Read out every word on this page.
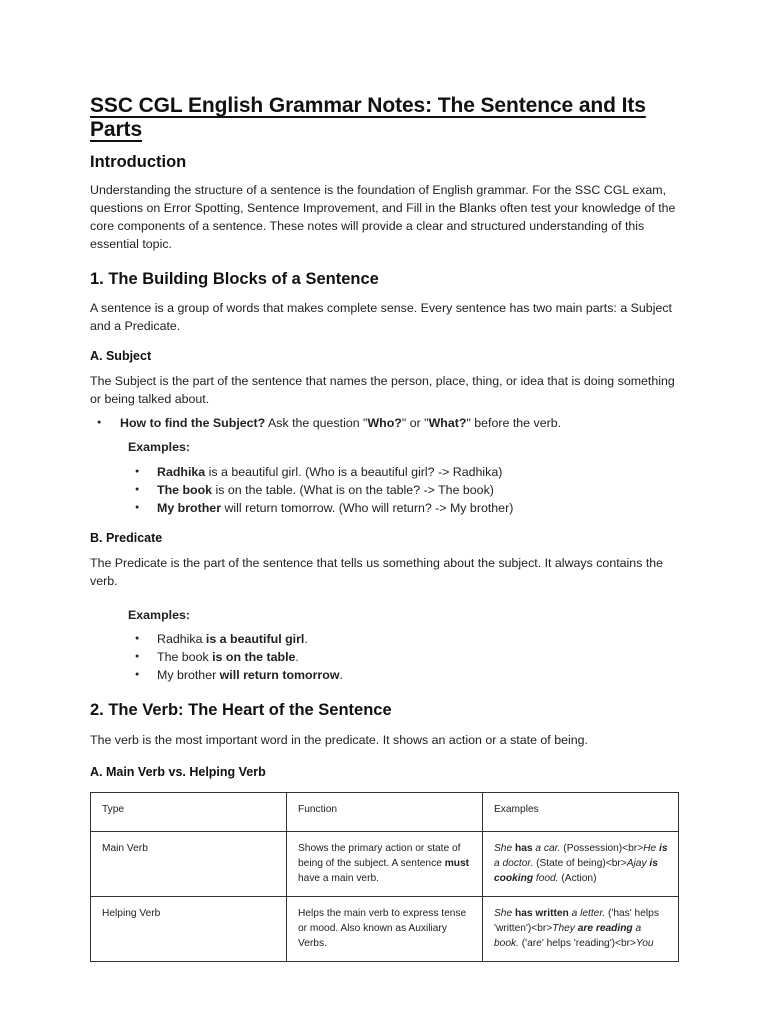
SSC CGL English Grammar Notes: The Sentence and Its Parts
Introduction

Understanding the structure of a sentence is the foundation of English grammar. For the SSC CGL exam, questions on Error Spotting, Sentence Improvement, and Fill in the Blanks often test your knowledge of the core components of a sentence. These notes will provide a clear and structured understanding of this essential topic.

1. The Building Blocks of a Sentence

A sentence is a group of words that makes complete sense. Every sentence has two main parts: a Subject and a Predicate.

A. Subject

The Subject is the part of the sentence that names the person, place, thing, or idea that is doing something or being talked about.

● How to find the Subject? Ask the question "Who?" or "What?" before the verb.
Examples:
● Radhika is a beautiful girl. (Who is a beautiful girl? -> Radhika)
● The book is on the table. (What is on the table? -> The book)
● My brother will return tomorrow. (Who will return? -> My brother)
B. Predicate

The Predicate is the part of the sentence that tells us something about the subject. It always contains the verb.

Examples:
● Radhika is a beautiful girl.
● The book is on the table.
● My brother will return tomorrow.
2. The Verb: The Heart of the Sentence

The verb is the most important word in the predicate. It shows an action or a state of being.

A. Main Verb vs. Helping Verb
Type	Function	Examples
Main Verb	Shows the primary action or state of being of the subject. A sentence must have a main verb.	She has a car. (Possession)<br>He is a doctor. (State of being)<br>Ajay is cooking food. (Action)
Helping Verb	Helps the main verb to express tense or mood. Also known as Auxiliary Verbs.	She has written a letter. ('has' helps 'written')<br>They are reading a book. ('are' helps 'reading')<br>You
